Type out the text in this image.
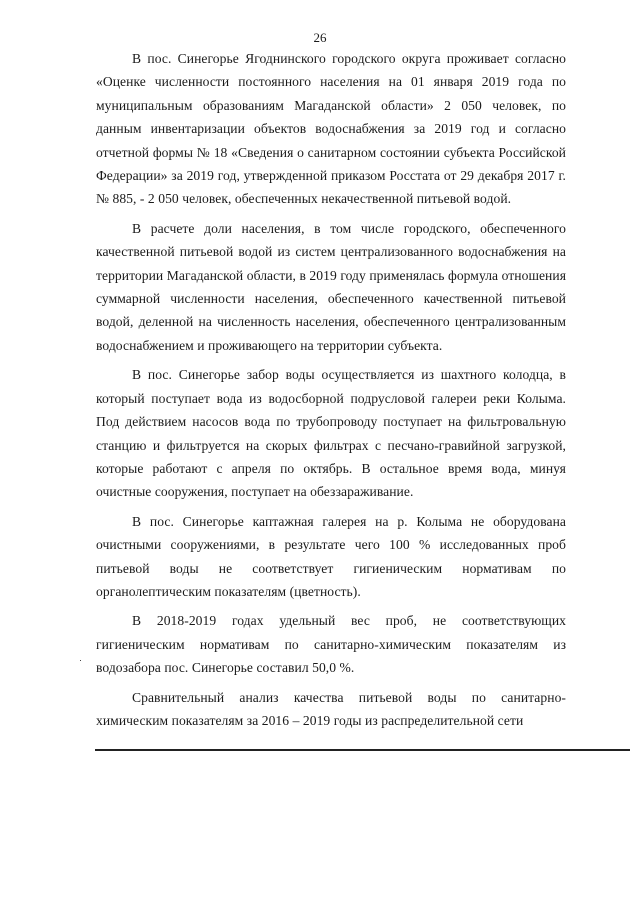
26

В пос. Синегорье Ягоднинского городского округа проживает согласно «Оценке численности постоянного населения на 01 января 2019 года по муниципальным образованиям Магаданской области» 2 050 человек, по данным инвентаризации объектов водоснабжения за 2019 год и согласно отчетной формы № 18 «Сведения о санитарном состоянии субъекта Российской Федерации» за 2019 год, утвержденной приказом Росстата от 29 декабря 2017 г. № 885, - 2 050 человек, обеспеченных некачественной питьевой водой.

В расчете доли населения, в том числе городского, обеспеченного качественной питьевой водой из систем централизованного водоснабжения на территории Магаданской области, в 2019 году применялась формула отношения суммарной численности населения, обеспеченного качественной питьевой водой, деленной на численность населения, обеспеченного централизованным водоснабжением и проживающего на территории субъекта.

В пос. Синегорье забор воды осуществляется из шахтного колодца, в который поступает вода из водосборной подрусловой галереи реки Колыма. Под действием насосов вода по трубопроводу поступает на фильтровальную станцию и фильтруется на скорых фильтрах с песчано-гравийной загрузкой, которые работают с апреля по октябрь. В остальное время вода, минуя очистные сооружения, поступает на обеззараживание.

В пос. Синегорье каптажная галерея на р. Колыма не оборудована очистными сооружениями, в результате чего 100 % исследованных проб питьевой воды не соответствует гигиеническим нормативам по органолептическим показателям (цветность).

В 2018-2019 годах удельный вес проб, не соответствующих гигиеническим нормативам по санитарно-химическим показателям из водозабора пос. Синегорье составил 50,0 %.

Сравнительный анализ качества питьевой воды по санитарно-химическим показателям за 2016 – 2019 годы из распределительной сети
